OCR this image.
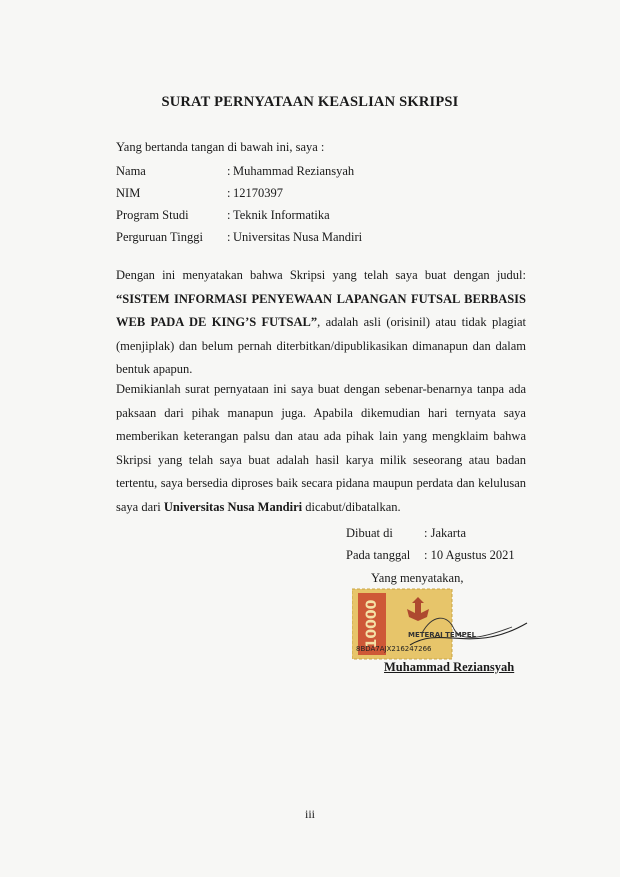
SURAT PERNYATAAN KEASLIAN SKRIPSI
Yang bertanda tangan di bawah ini, saya :
Nama	: Muhammad Reziansyah
NIM	: 12170397
Program Studi	: Teknik Informatika
Perguruan Tinggi	: Universitas Nusa Mandiri

Dengan ini menyatakan bahwa Skripsi yang telah saya buat dengan judul: “SISTEM INFORMASI PENYEWAAN LAPANGAN FUTSAL BERBASIS WEB PADA DE KING’S FUTSAL”, adalah asli (orisinil) atau tidak plagiat (menjiplak) dan belum pernah diterbitkan/dipublikasikan dimanapun dan dalam bentuk apapun.

Demikianlah surat pernyataan ini saya buat dengan sebenar-benarnya tanpa ada paksaan dari pihak manapun juga. Apabila dikemudian hari ternyata saya memberikan keterangan palsu dan atau ada pihak lain yang mengklaim bahwa Skripsi yang telah saya buat adalah hasil karya milik seseorang atau badan tertentu, saya bersedia diproses baik secara pidana maupun perdata dan kelulusan saya dari Universitas Nusa Mandiri dicabut/dibatalkan.

Dibuat di : Jakarta
Pada tanggal : 10 Agustus 2021
Yang menyatakan,
10000	METERAI TEMPEL
8BDA7AJX216247266
Muhammad Reziansyah
iii
